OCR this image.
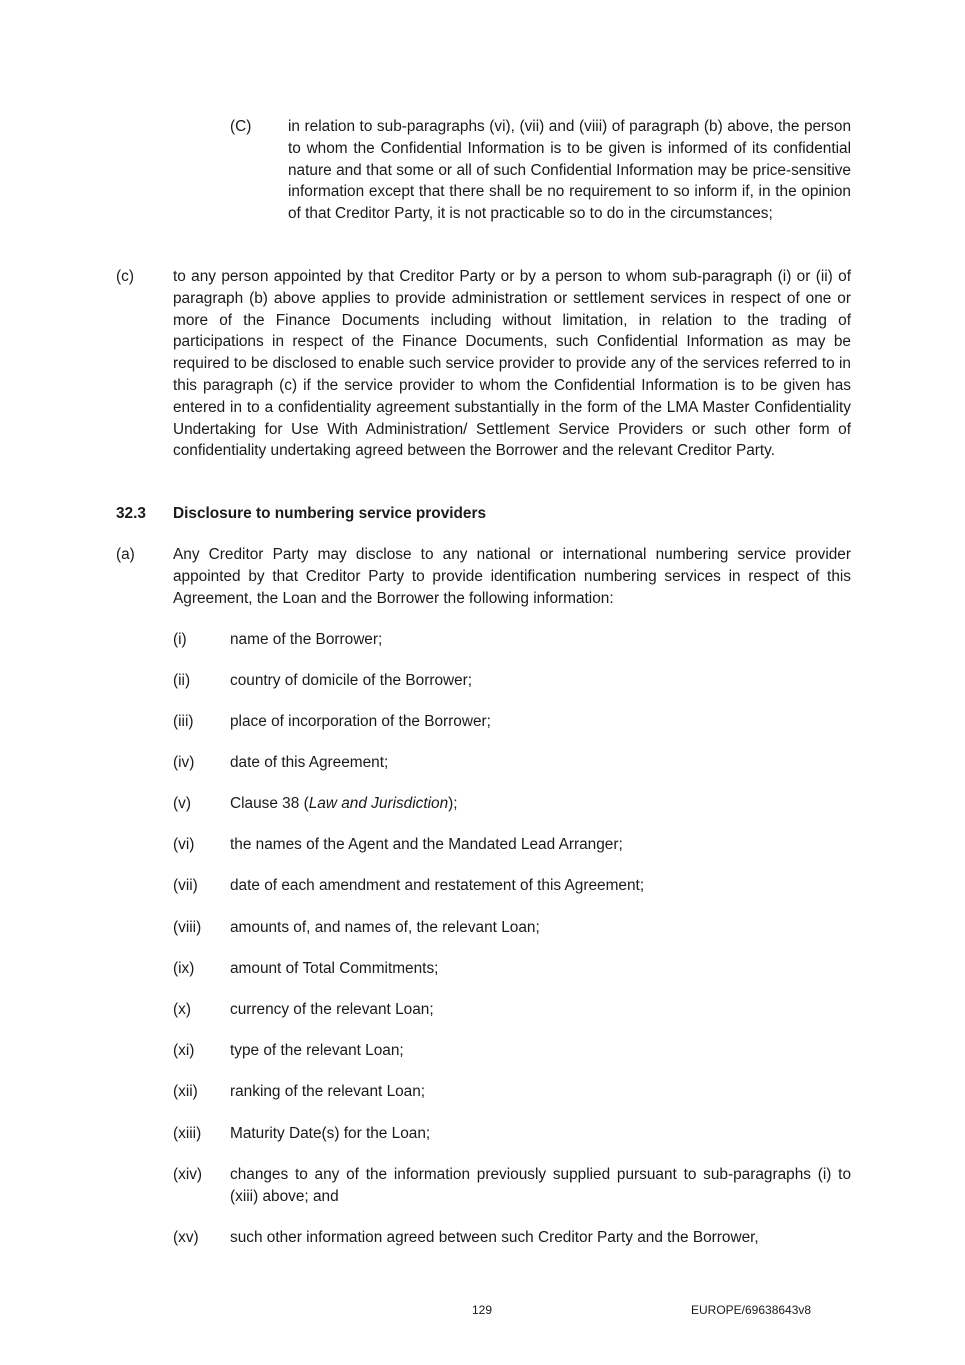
(C) in relation to sub-paragraphs (vi), (vii) and (viii) of paragraph (b) above, the person to whom the Confidential Information is to be given is informed of its confidential nature and that some or all of such Confidential Information may be price-sensitive information except that there shall be no requirement to so inform if, in the opinion of that Creditor Party, it is not practicable so to do in the circumstances;

(c)	to any person appointed by that Creditor Party or by a person to whom sub-paragraph (i) or (ii) of paragraph (b) above applies to provide administration or settlement services in respect of one or more of the Finance Documents including without limitation, in relation to the trading of participations in respect of the Finance Documents, such Confidential Information as may be required to be disclosed to enable such service provider to provide any of the services referred to in this paragraph (c) if the service provider to whom the Confidential Information is to be given has entered in to a confidentiality agreement substantially in the form of the LMA Master Confidentiality Undertaking for Use With Administration/ Settlement Service Providers or such other form of confidentiality undertaking agreed between the Borrower and the relevant Creditor Party.

32.3 Disclosure to numbering service providers
(a) Any Creditor Party may disclose to any national or international numbering service provider appointed by that Creditor Party to provide identification numbering services in respect of this Agreement, the Loan and the Borrower the following information:

(i)	name of the Borrower;
(ii)	country of domicile of the Borrower;
(iii) place of incorporation of the Borrower;
(iv) date of this Agreement;
(v)	Clause 38 (Law and Jurisdiction);
(vi) the names of the Agent and the Mandated Lead Arranger;
(vii) date of each amendment and restatement of this Agreement;
(viii) amounts of, and names of, the relevant Loan;
(ix) amount of Total Commitments;
(x)	currency of the relevant Loan;
(xi) type of the relevant Loan;
(xii) ranking of the relevant Loan;
(xiii) Maturity Date(s) for the Loan;
(xiv) changes to any of the information previously supplied pursuant to sub-paragraphs (i) to (xiii) above; and
(xv) such other information agreed between such Creditor Party and the Borrower,
129	EUROPE/69638643v8
